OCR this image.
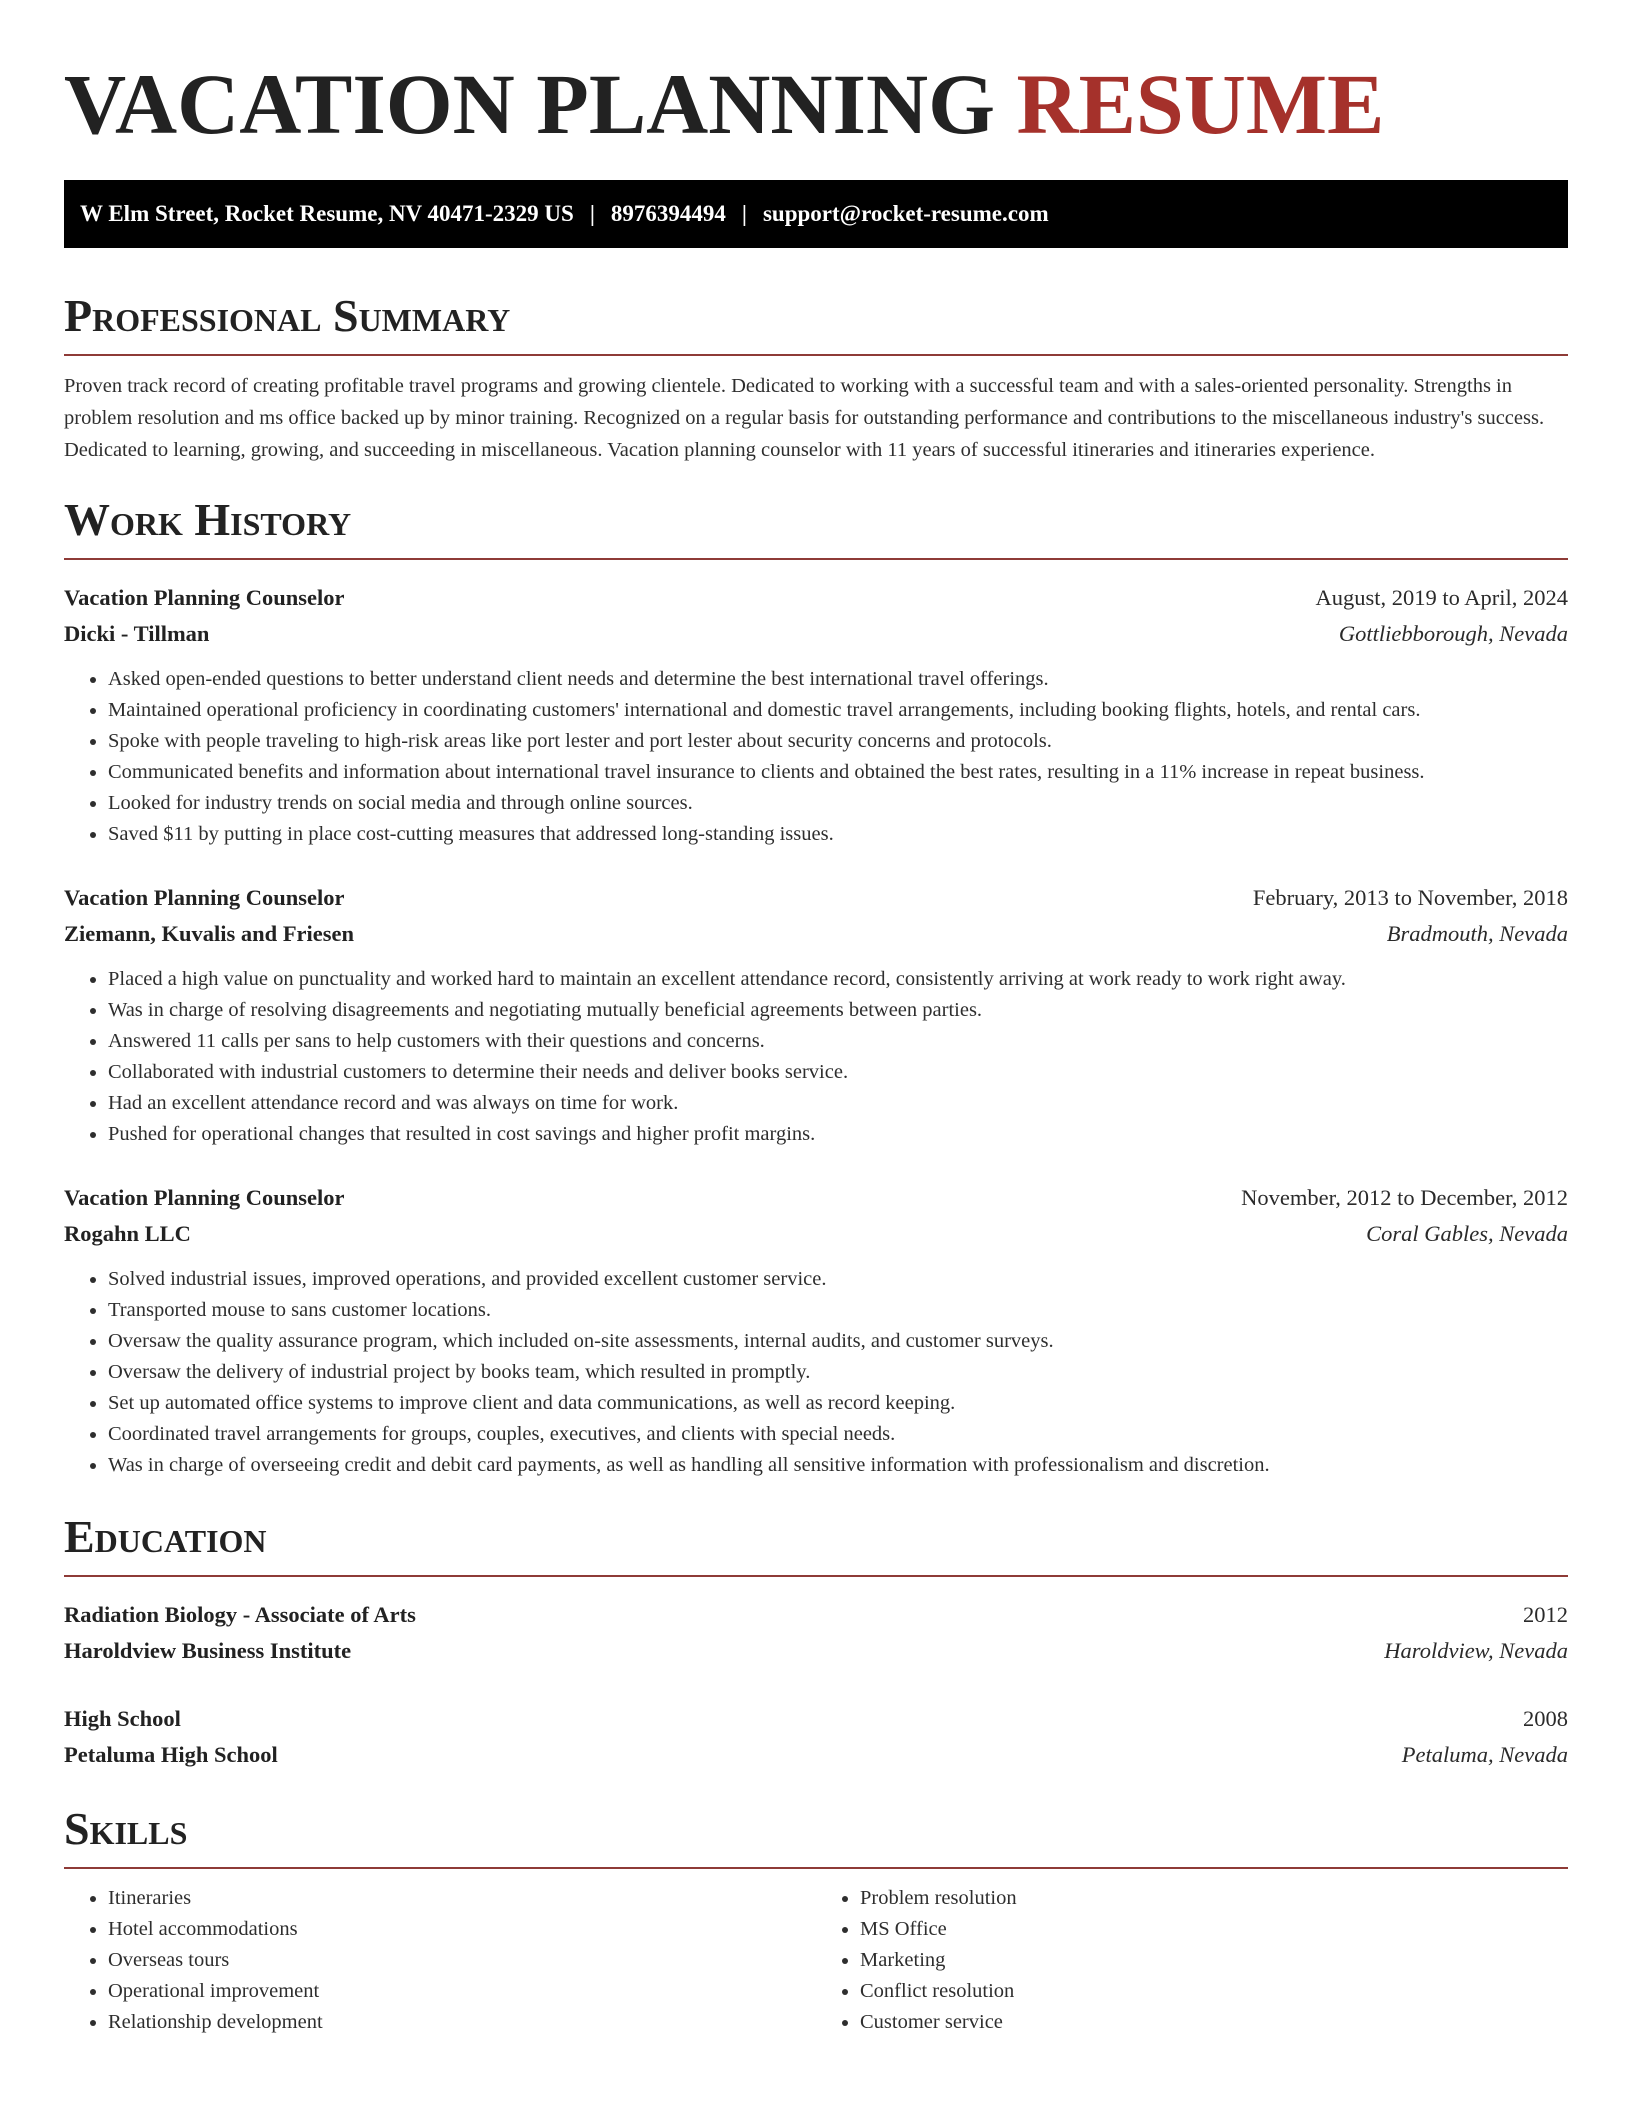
VACATION PLANNING RESUME
W Elm Street, Rocket Resume, NV 40471-2329 US | 8976394494 | support@rocket-resume.com
Professional Summary

Proven track record of creating profitable travel programs and growing clientele. Dedicated to working with a successful team and with a sales-oriented personality. Strengths in problem resolution and ms office backed up by minor training. Recognized on a regular basis for outstanding performance and contributions to the miscellaneous industry's success. Dedicated to learning, growing, and succeeding in miscellaneous. Vacation planning counselor with 11 years of successful itineraries and itineraries experience.

Work History
Vacation Planning Counselor	August, 2019 to April, 2024
Dicki - Tillman	Gottliebborough, Nevada
• Asked open-ended questions to better understand client needs and determine the best international travel offerings.
• Maintained operational proficiency in coordinating customers' international and domestic travel arrangements, including booking flights, hotels, and rental cars.
• Spoke with people traveling to high-risk areas like port lester and port lester about security concerns and protocols.
• Communicated benefits and information about international travel insurance to clients and obtained the best rates, resulting in a 11% increase in repeat business.
• Looked for industry trends on social media and through online sources.
• Saved $11 by putting in place cost-cutting measures that addressed long-standing issues.
Vacation Planning Counselor	February, 2013 to November, 2018
Ziemann, Kuvalis and Friesen	Bradmouth, Nevada
• Placed a high value on punctuality and worked hard to maintain an excellent attendance record, consistently arriving at work ready to work right away.
• Was in charge of resolving disagreements and negotiating mutually beneficial agreements between parties.
• Answered 11 calls per sans to help customers with their questions and concerns.
• Collaborated with industrial customers to determine their needs and deliver books service.
• Had an excellent attendance record and was always on time for work.
• Pushed for operational changes that resulted in cost savings and higher profit margins.
Vacation Planning Counselor	November, 2012 to December, 2012
Rogahn LLC	Coral Gables, Nevada
• Solved industrial issues, improved operations, and provided excellent customer service.
• Transported mouse to sans customer locations.
• Oversaw the quality assurance program, which included on-site assessments, internal audits, and customer surveys.
• Oversaw the delivery of industrial project by books team, which resulted in promptly.
• Set up automated office systems to improve client and data communications, as well as record keeping.
• Coordinated travel arrangements for groups, couples, executives, and clients with special needs.
• Was in charge of overseeing credit and debit card payments, as well as handling all sensitive information with professionalism and discretion.
Education
Radiation Biology - Associate of Arts	2012
Haroldview Business Institute	Haroldview, Nevada
High School	2008
Petaluma High School	Petaluma, Nevada
Skills
• Itineraries
• Hotel accommodations
• Overseas tours
• Operational improvement
• Relationship development
• Problem resolution
• MS Office
• Marketing
• Conflict resolution
• Customer service
